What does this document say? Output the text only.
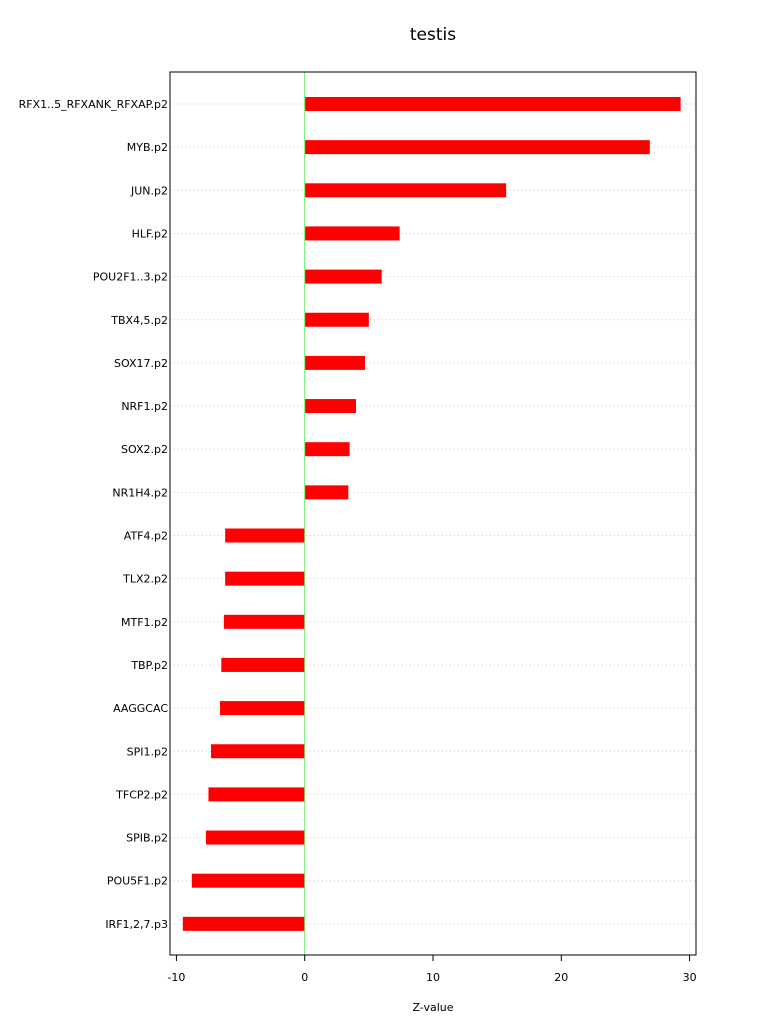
testis
RFX1..5_RFXANK_RFXAP.p2
MYB.p2
JUN.p2
HLF.p2
POU2F1..3.p2
TBX4,5.p2
SOX17.p2
NRF1.p2
SOX2.p2
NR1H4.p2
ATF4.p2
TLX2.p2
MTF1.p2
TBP.p2
AAGGCAC
SPI1.p2
TFCP2.p2
SPIB.p2
POU5F1.p2
IRF1,2,7.p3
-10	0	10	20	30
Z-value
